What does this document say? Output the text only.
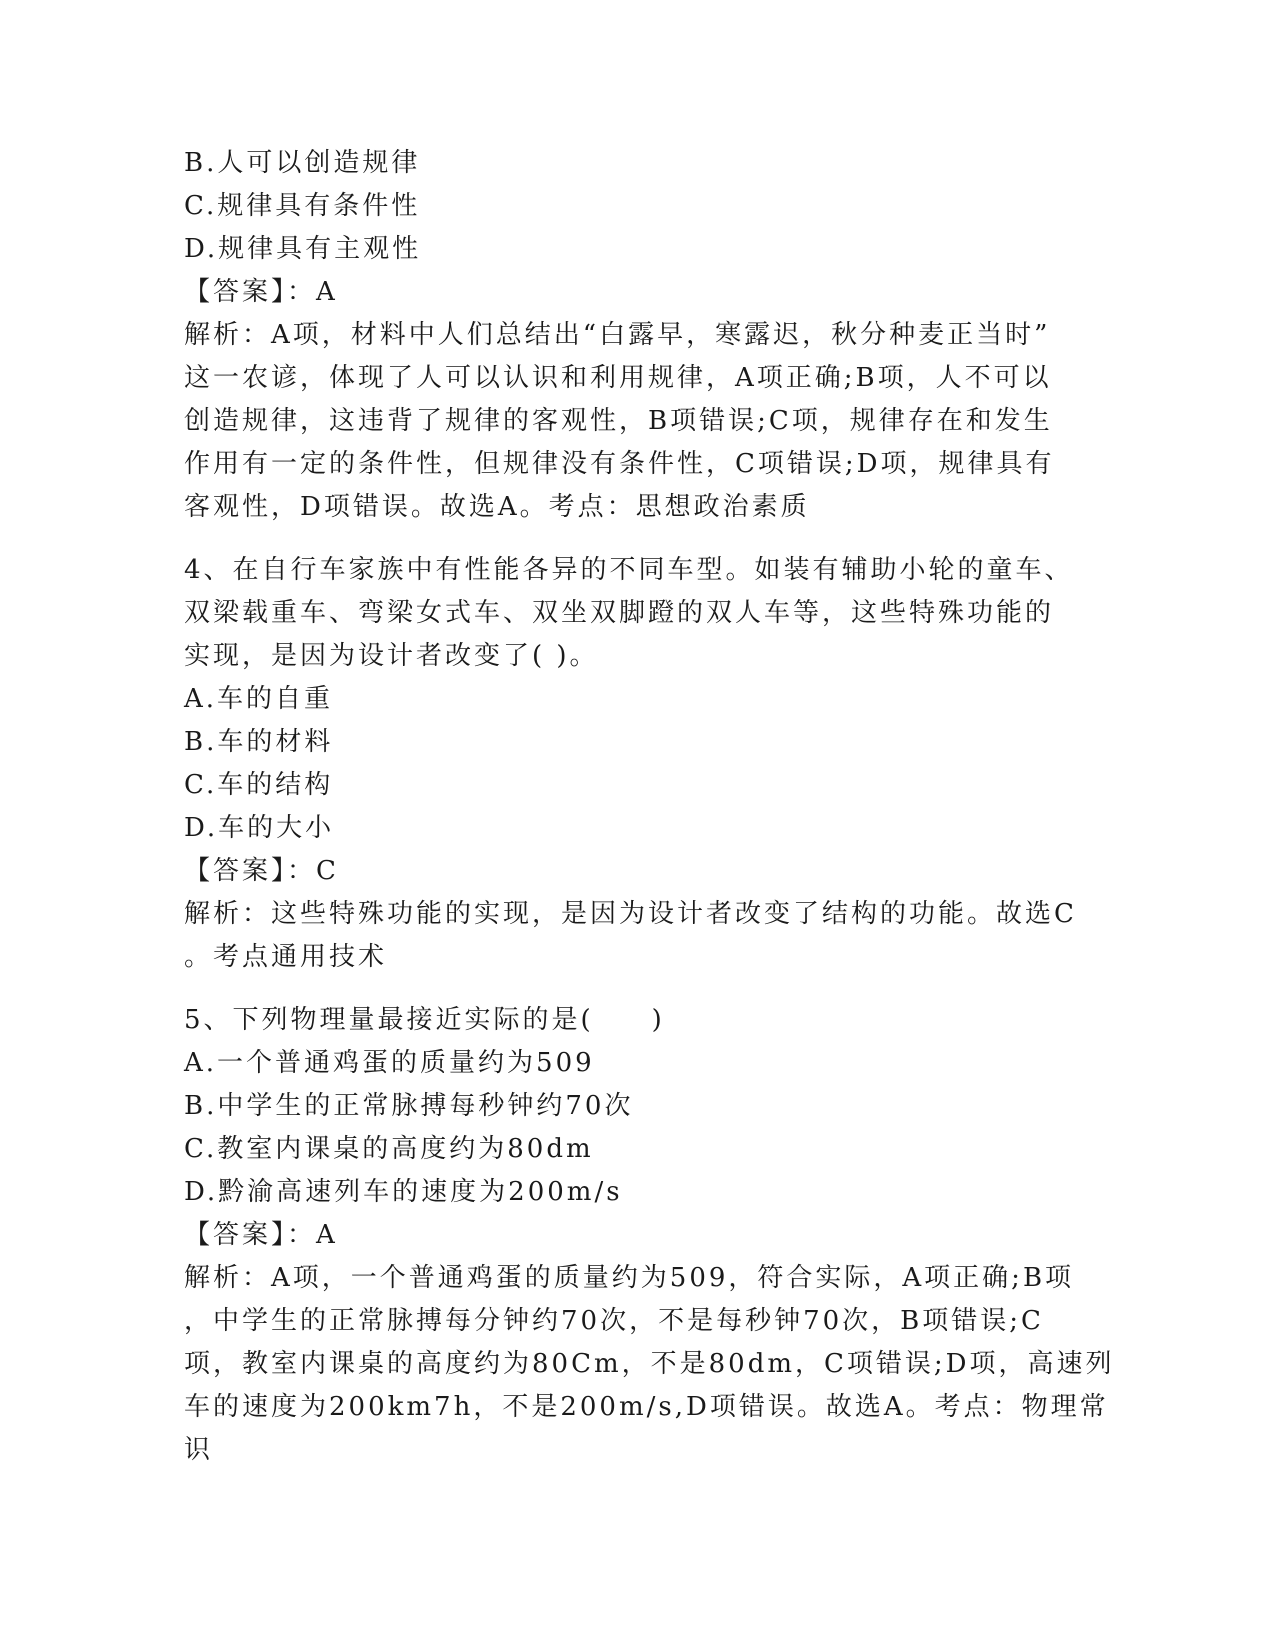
B.人可以创造规律
C.规律具有条件性
D.规律具有主观性
【答案】：A
解析：A项，材料中人们总结出“白露早，寒露迟，秋分种麦正当时”
这一农谚，体现了人可以认识和利用规律，A项正确;B项，人不可以
创造规律，这违背了规律的客观性，B项错误;C项，规律存在和发生
作用有一定的条件性，但规律没有条件性，C项错误;D项，规律具有
客观性，D项错误。故选A。考点：思想政治素质
4、在自行车家族中有性能各异的不同车型。如装有辅助小轮的童车、
双梁载重车、弯梁女式车、双坐双脚蹬的双人车等，这些特殊功能的
实现，是因为设计者改变了( )。
A.车的自重
B.车的材料
C.车的结构
D.车的大小
【答案】：C
解析：这些特殊功能的实现，是因为设计者改变了结构的功能。故选C
。考点通用技术
5、下列物理量最接近实际的是(　　)
A.一个普通鸡蛋的质量约为509
B.中学生的正常脉搏每秒钟约70次
C.教室内课桌的高度约为80dm
D.黔渝高速列车的速度为200m/s
【答案】：A
解析：A项，一个普通鸡蛋的质量约为509，符合实际，A项正确;B项
，中学生的正常脉搏每分钟约70次，不是每秒钟70次，B项错误;C
项，教室内课桌的高度约为80Cm，不是80dm，C项错误;D项，高速列
车的速度为200km7h，不是200m/s,D项错误。故选A。考点：物理常
识
